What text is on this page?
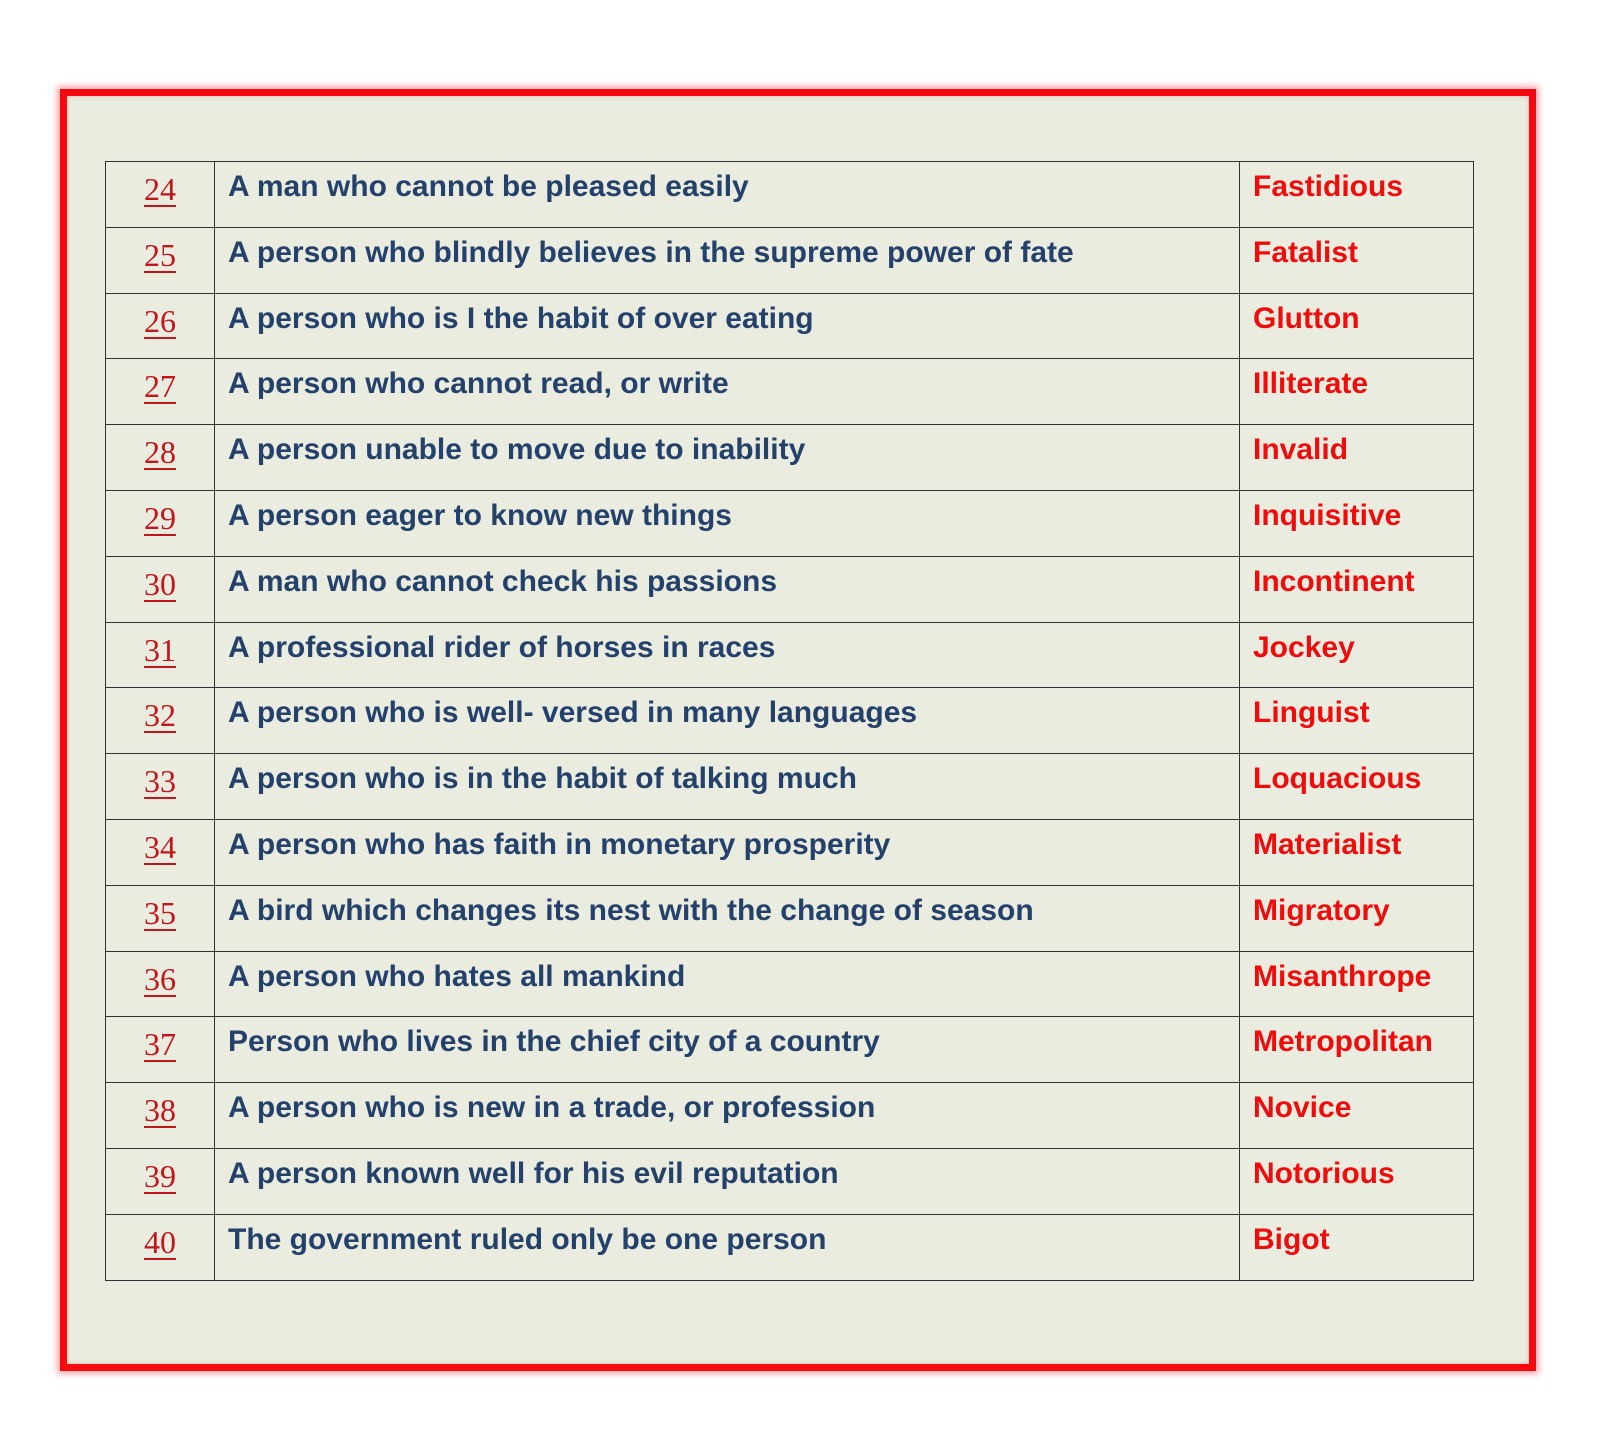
24	A man who cannot be pleased easily	Fastidious
25	A person who blindly believes in the supreme power of fate	Fatalist
26	A person who is I the habit of over eating	Glutton
27	A person who cannot read, or write	Illiterate
28	A person unable to move due to inability	Invalid
29	A person eager to know new things	Inquisitive
30	A man who cannot check his passions	Incontinent
31	A professional rider of horses in races	Jockey
32	A person who is well- versed in many languages	Linguist
33	A person who is in the habit of talking much	Loquacious
34	A person who has faith in monetary prosperity	Materialist
35	A bird which changes its nest with the change of season	Migratory
36	A person who hates all mankind	Misanthrope
37	Person who lives in the chief city of a country	Metropolitan
38	A person who is new in a trade, or profession	Novice
39	A person known well for his evil reputation	Notorious
40	The government ruled only be one person	Bigot
